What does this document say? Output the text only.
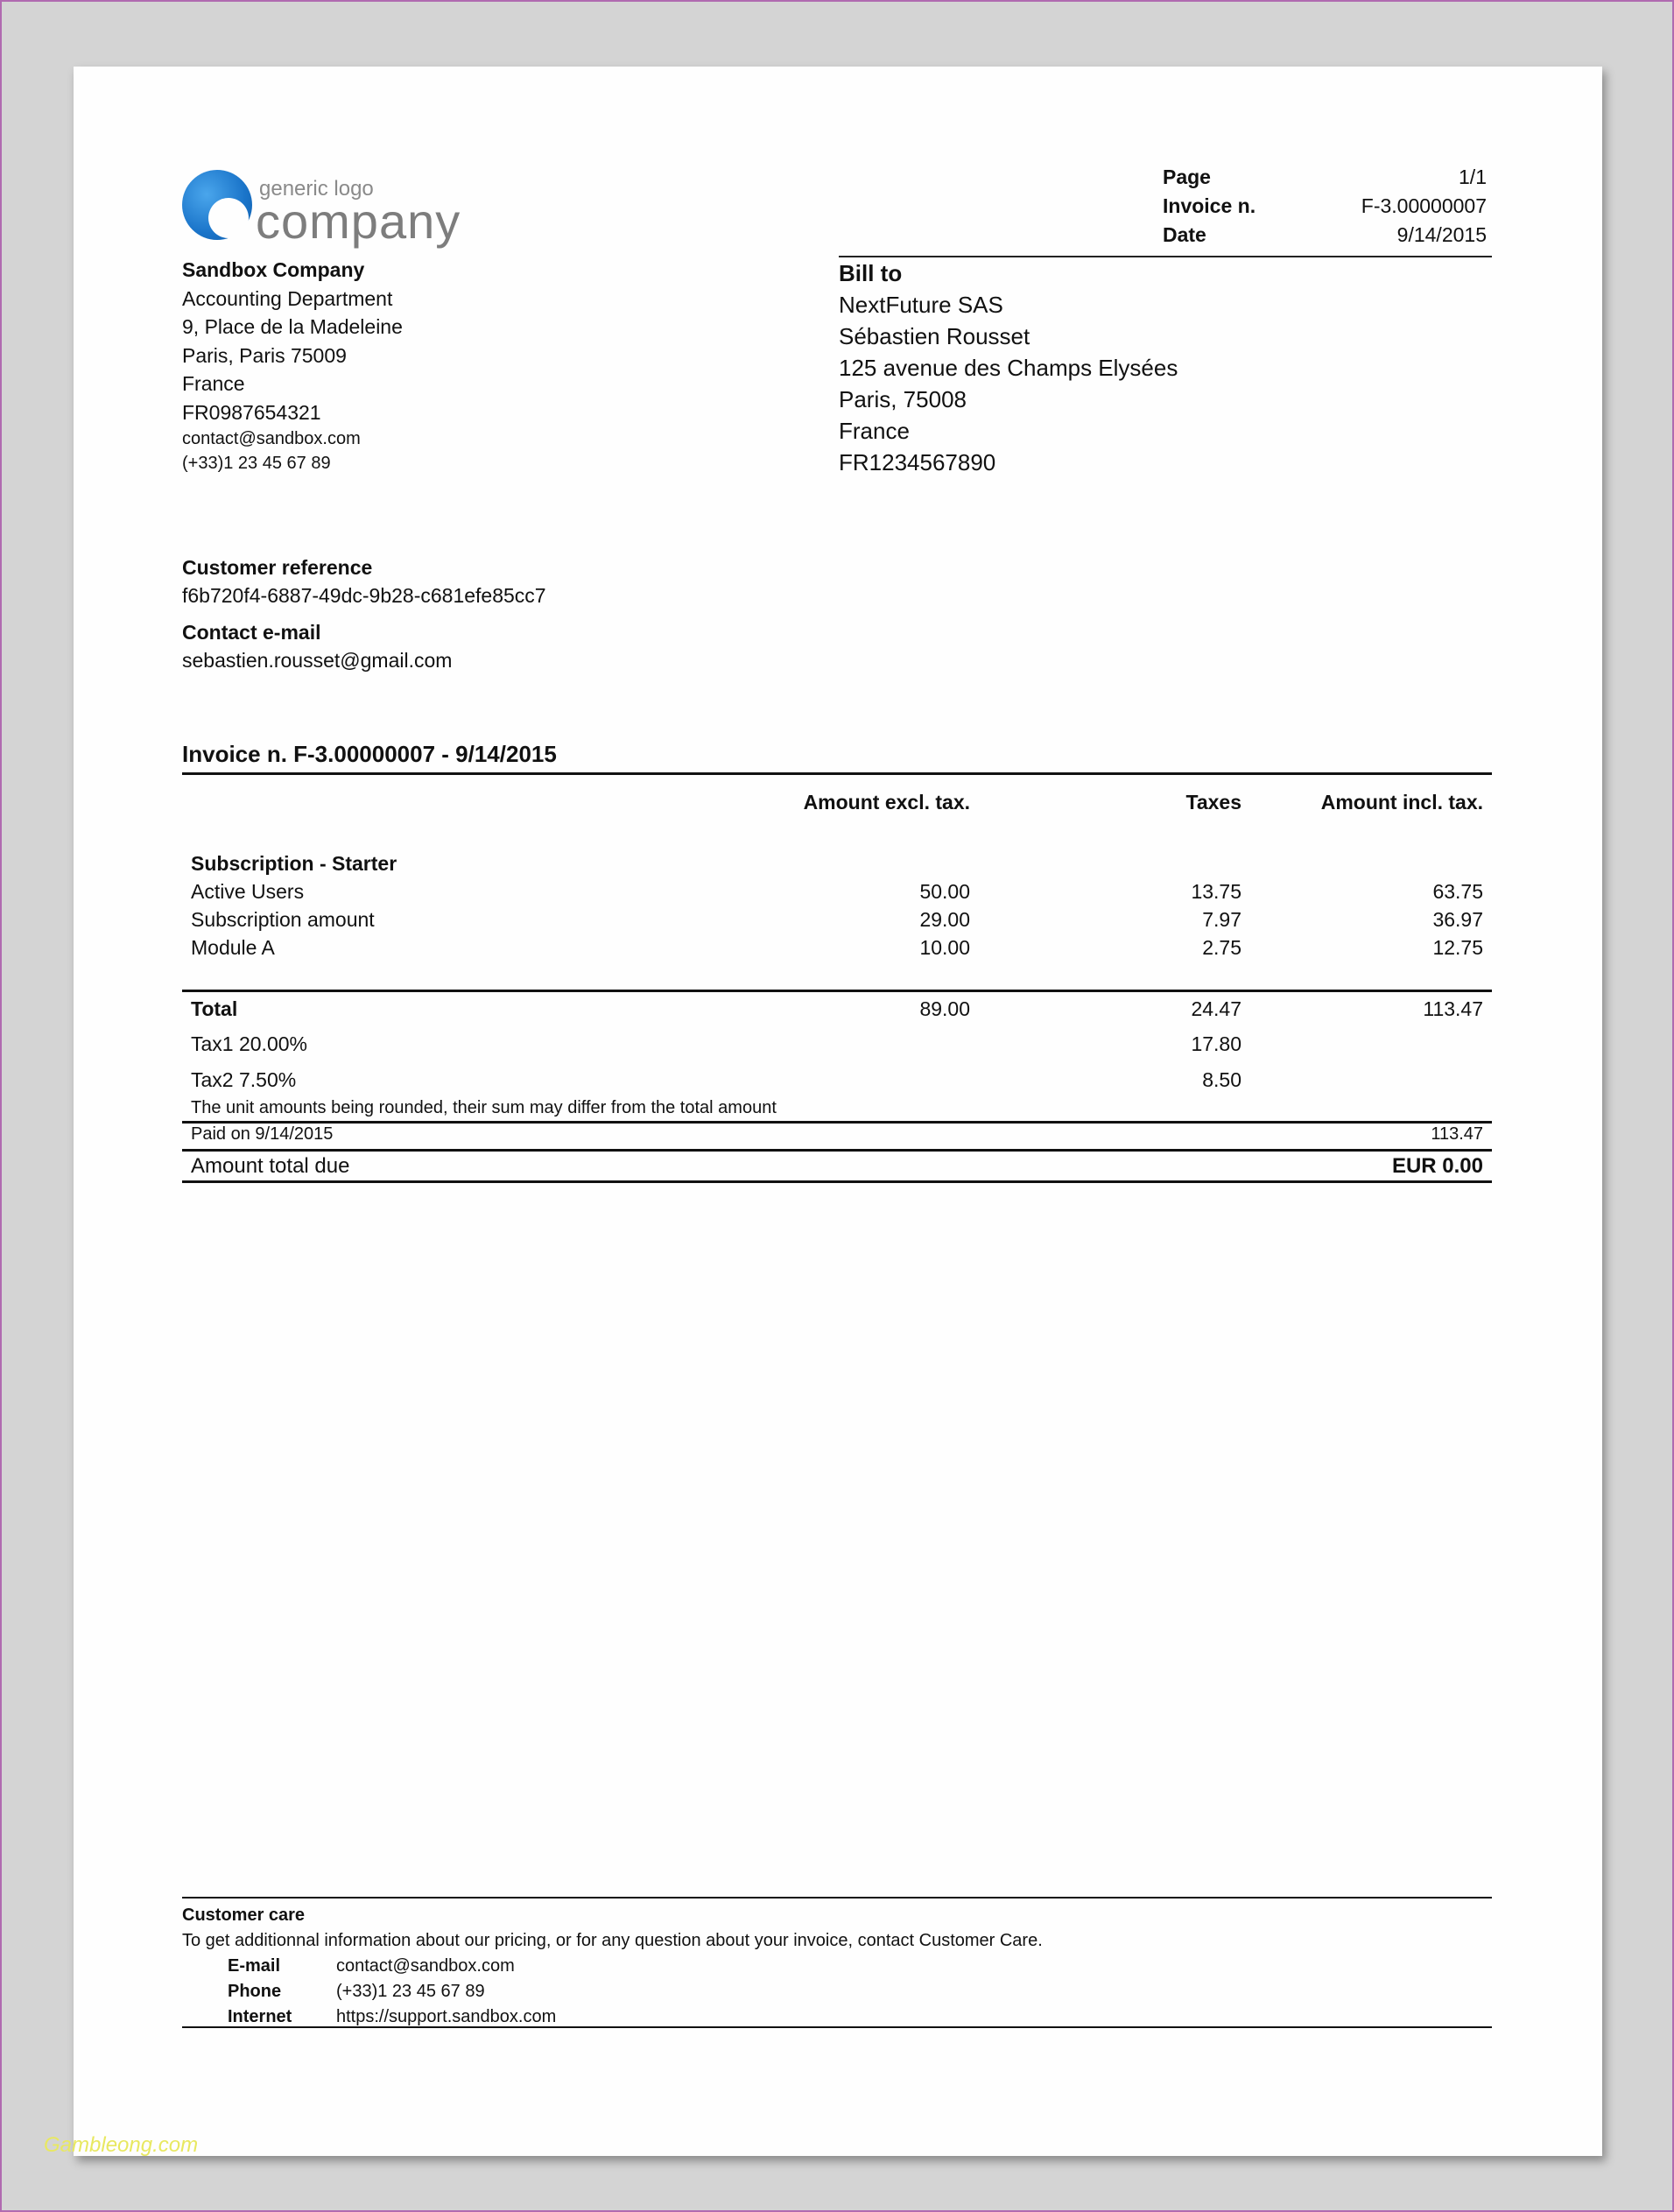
generic logo
company
Page	1/1
Invoice n.	F-3.00000007
Date	9/14/2015
Sandbox Company
Accounting Department
9, Place de la Madeleine
Paris, Paris 75009
France
FR0987654321
contact@sandbox.com
(+33)1 23 45 67 89
Bill to
NextFuture SAS
Sébastien Rousset
125 avenue des Champs Elysées
Paris, 75008
France
FR1234567890
Customer reference
f6b720f4-6887-49dc-9b28-c681efe85cc7
Contact e-mail
sebastien.rousset@gmail.com
Invoice n. F-3.00000007 - 9/14/2015
	Amount excl. tax.	Taxes	Amount incl. tax.

Subscription - Starter			
Active Users	50.00	13.75	63.75
Subscription amount	29.00	7.97	36.97
Module A	10.00	2.75	12.75

Total	89.00	24.47	113.47
Tax1 20.00%		17.80	
Tax2 7.50%		8.50	
The unit amounts being rounded, their sum may differ from the total amount
Paid on 9/14/2015	113.47
Amount total due	EUR 0.00
Customer care
To get additionnal information about our pricing, or for any question about your invoice, contact Customer Care.
E-mail	contact@sandbox.com
Phone	(+33)1 23 45 67 89
Internet	https://support.sandbox.com
Gambleong.com
